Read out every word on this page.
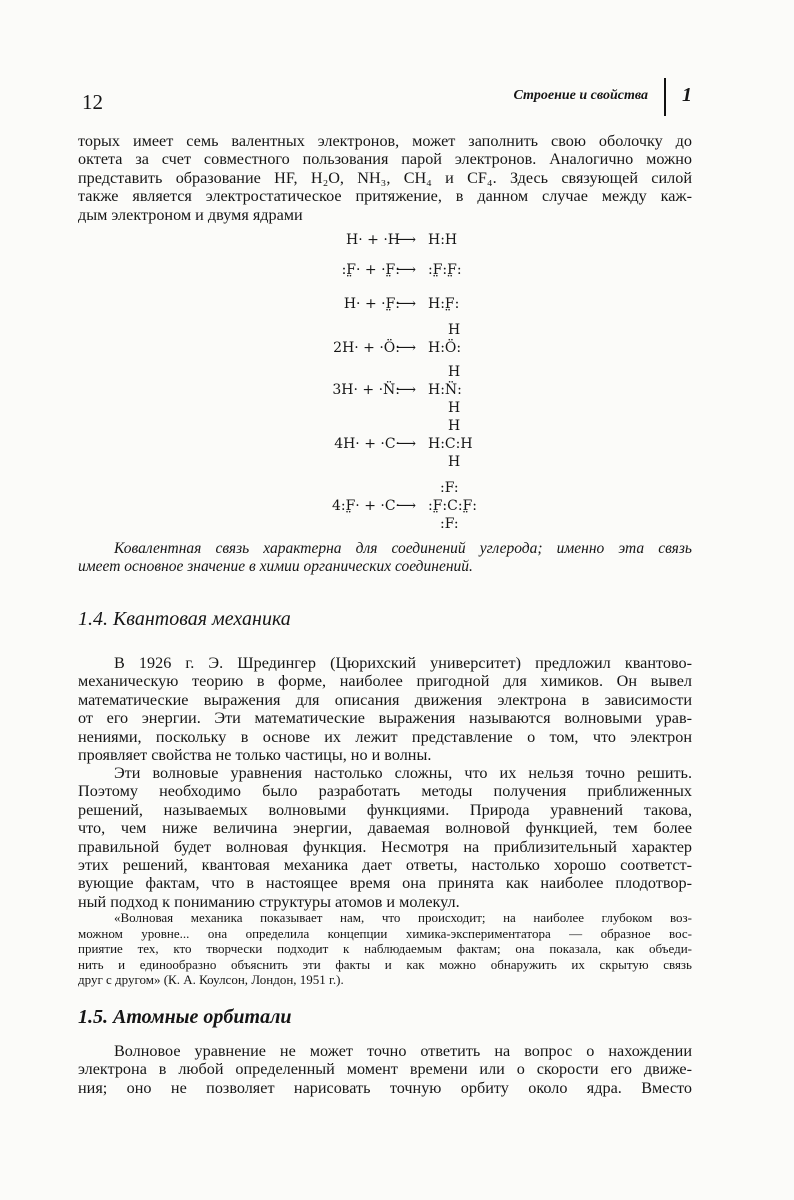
12	Строение и свойства 1
торых имеет семь валентных электронов, может заполнить свою оболочку до
октета за счет совместного пользования парой электронов. Аналогично можно
представить образование HF, H₂O, NH₃, CH₄ и CF₄. Здесь связующей силой
также является электростатическое притяжение, в данном случае между каж-
дым электроном и двумя ядрами
H· + ·H
⟶ H:H
:F̤· + ·F̤:
⟶ :F̤:F̤:
H· + ·F̤:
⟶ H:F̤:
H
2H· + ·Ö:
⟶ H:Ö:
H
3H· + ·N̈:
⟶ H:N̈:
H
H
4H· + ·C·
⟶ H:C:H
H
:F:
4:F̤· + ·C·
⟶ :F̤:C:F̤:
:F:
Ковалентная связь характерна для соединений углерода; именно эта связь
имеет основное значение в химии органических соединений.
1.4. Квантовая механика
В 1926 г. Э. Шредингер (Цюрихский университет) предложил квантово-
механическую теорию в форме, наиболее пригодной для химиков. Он вывел
математические выражения для описания движения электрона в зависимости
от его энергии. Эти математические выражения называются волновыми урав-
нениями, поскольку в основе их лежит представление о том, что электрон
проявляет свойства не только частицы, но и волны.
Эти волновые уравнения настолько сложны, что их нельзя точно решить.
Поэтому необходимо было разработать методы получения приближенных
решений, называемых волновыми функциями. Природа уравнений такова,
что, чем ниже величина энергии, даваемая волновой функцией, тем более
правильной будет волновая функция. Несмотря на приблизительный характер
этих решений, квантовая механика дает ответы, настолько хорошо соответст-
вующие фактам, что в настоящее время она принята как наиболее плодотвор-
ный подход к пониманию структуры атомов и молекул.
«Волновая механика показывает нам, что происходит; на наиболее глубоком воз-
можном уровне... она определила концепции химика-экспериментатора — образное вос-
приятие тех, кто творчески подходит к наблюдаемым фактам; она показала, как объеди-
нить и единообразно объяснить эти факты и как можно обнаружить их скрытую связь
друг с другом» (К. А. Коулсон, Лондон, 1951 г.).
1.5. Атомные орбитали
Волновое уравнение не может точно ответить на вопрос о нахождении
электрона в любой определенный момент времени или о скорости его движе-
ния; оно не позволяет нарисовать точную орбиту около ядра. Вместо
